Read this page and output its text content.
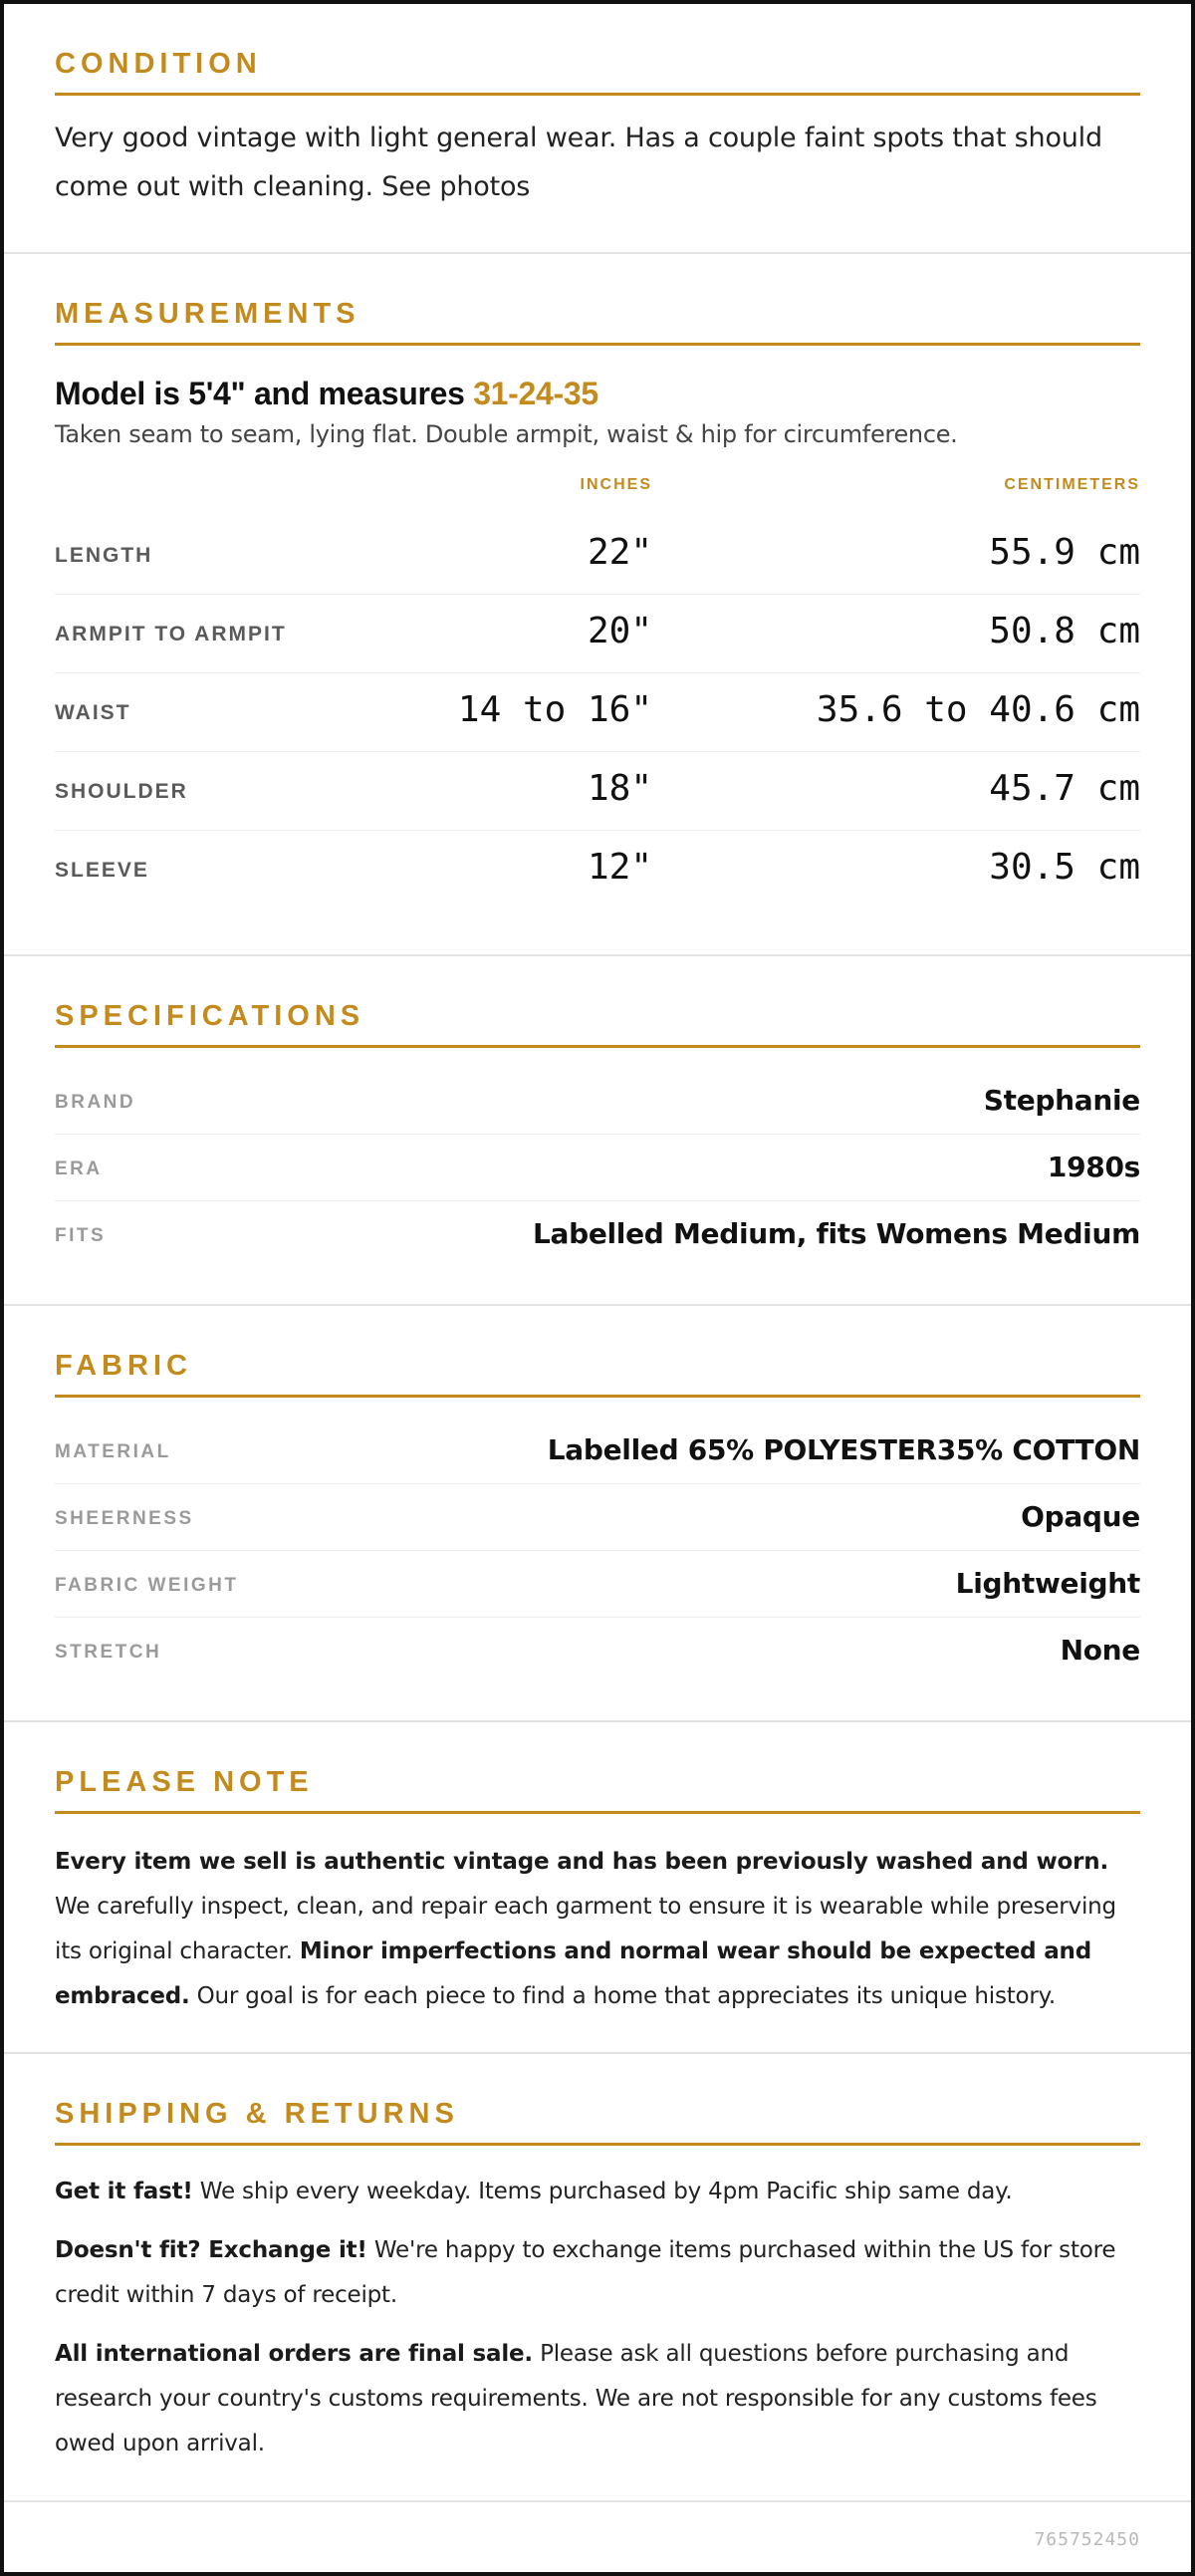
CONDITION

Very good vintage with light general wear. Has a couple faint spots that should come out with cleaning. See photos

MEASUREMENTS
Model is 5'4" and measures 31-24-35
Taken seam to seam, lying flat. Double armpit, waist & hip for circumference.
INCHES	CENTIMETERS
LENGTH	22"	55.9 cm
ARMPIT TO ARMPIT	20"	50.8 cm
WAIST	14 to 16"	35.6 to 40.6 cm
SHOULDER	18"	45.7 cm
SLEEVE	12"	30.5 cm
SPECIFICATIONS
BRAND	Stephanie
ERA	1980s
FITS	Labelled Medium, fits Womens Medium
FABRIC
MATERIAL	Labelled 65% POLYESTER35% COTTON
SHEERNESS	Opaque
FABRIC WEIGHT	Lightweight
STRETCH	None
PLEASE NOTE

Every item we sell is authentic vintage and has been previously washed and worn. We carefully inspect, clean, and repair each garment to ensure it is wearable while preserving its original character. Minor imperfections and normal wear should be expected and embraced. Our goal is for each piece to find a home that appreciates its unique history.

SHIPPING & RETURNS

Get it fast! We ship every weekday. Items purchased by 4pm Pacific ship same day.

Doesn't fit? Exchange it! We're happy to exchange items purchased within the US for store credit within 7 days of receipt.

All international orders are final sale. Please ask all questions before purchasing and research your country's customs requirements. We are not responsible for any customs fees owed upon arrival.

765752450
